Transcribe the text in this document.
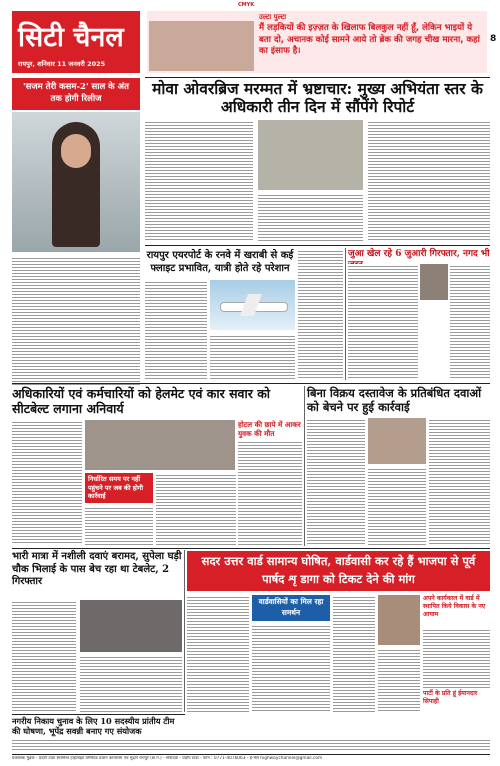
CMYK
सिटी चैनल
रायपुर, शनिवार 11 जनवरी 2025
उल्टा पुल्टा
मैं लड़कियों की इज़्ज़त के खिलाफ बिलकुल नहीं हूँ, लेकिन भाइयों ये बता दो, अचानक कोई सामने आये तो ब्रेक की जगह चीख मारना, कहां का इंसाफ है।
8
'सजम तेरी कसम-2' साल के अंत तक होगी रिलीज
मोवा ओवरब्रिज मरम्मत में भ्रष्टाचार: मुख्य अभियंता स्तर के अधिकारी तीन दिन में सौंपेंगे रिपोर्ट
रायपुर एयरपोर्ट के रनवे में खराबी से कई फ्लाइट प्रभावित, यात्री होते रहे परेशान
जुआ खेल रहे 6 जुआरी गिरफ्तार, नगद भी
अधिकारियों एवं कर्मचारियों को हेलमेट एवं कार सवार को सीटबेल्ट लगाना अनिवार्य
निर्धारित समय पर नहीं पहुंचने पर जब की होगी कार्रवाई
होटल की छापे में आकर युवक की मौत
बिना विक्रय दस्तावेज के प्रतिबंधित दवाओं को बेचने पर हुई कार्रवाई
भारी मात्रा में नशीली दवाएं बरामद, सुपेला घड़ी चौक भिलाई के पास बेच रहा था टेबलेट, 2 गिरफ्तार
सदर उत्तर वार्ड सामान्य घोषित, वार्डवासी कर रहे हैं भाजपा से पूर्व पार्षद शृ डागा को टिकट देने की मांग
वार्डवासियों का मिल रहा समर्थन
अपने कार्यकाल में वार्ड में स्थापित किये विकास के नए आयाम
पार्टी के प्रति हूं ईमानदार सिपाही
नगरीय निकाय चुनाव के लिए 10 सदस्यीय प्रांतीय टीम की घोषणा, भूपेंद्र सवन्नी बनाए गए संयोजक
प्रकाशक मुद्रक - प्रदीप टांडा स्वामित्व हाईलाइट लिमिटेड प्रधान कार्यालय एवं मुद्रण रायपुर (छ.ग.) - संपादक - प्रदीप टांडा - फोन : 0771-4076063 - ई-मेल highwaychannel@gmail.com
